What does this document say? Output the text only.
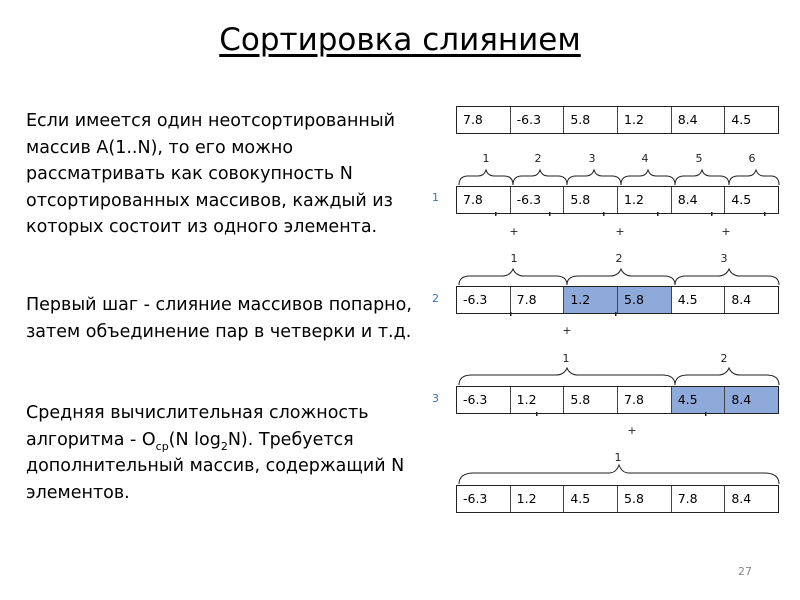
Сортировка слиянием
Если имеется один неотсортированный массив A(1..N), то его можно рассматривать как совокупность N отсортированных массивов, каждый из которых состоит из одного элемента.
Первый шаг - слияние массивов попарно, затем объединение пар в четверки и т.д.
Средняя вычислительная сложность алгоритма - $O_{cp}(N$ $\log_2N$). Требуется дополнительный массив, содержащий N элементов.
7.8	-6.3	5.8	1.2	8.4	4.5
1	2	3	4	5	6
1	7.8	-6.3	5.8	1.2	8.4	4.5
+	+	+
1	2	3
2	-6.3	7.8	1.2	5.8	4.5	8.4
+
1	2
3	-6.3	1.2	5.8	7.8	4.5	8.4
+
1
-6.3	1.2	4.5	5.8	7.8	8.4
27
